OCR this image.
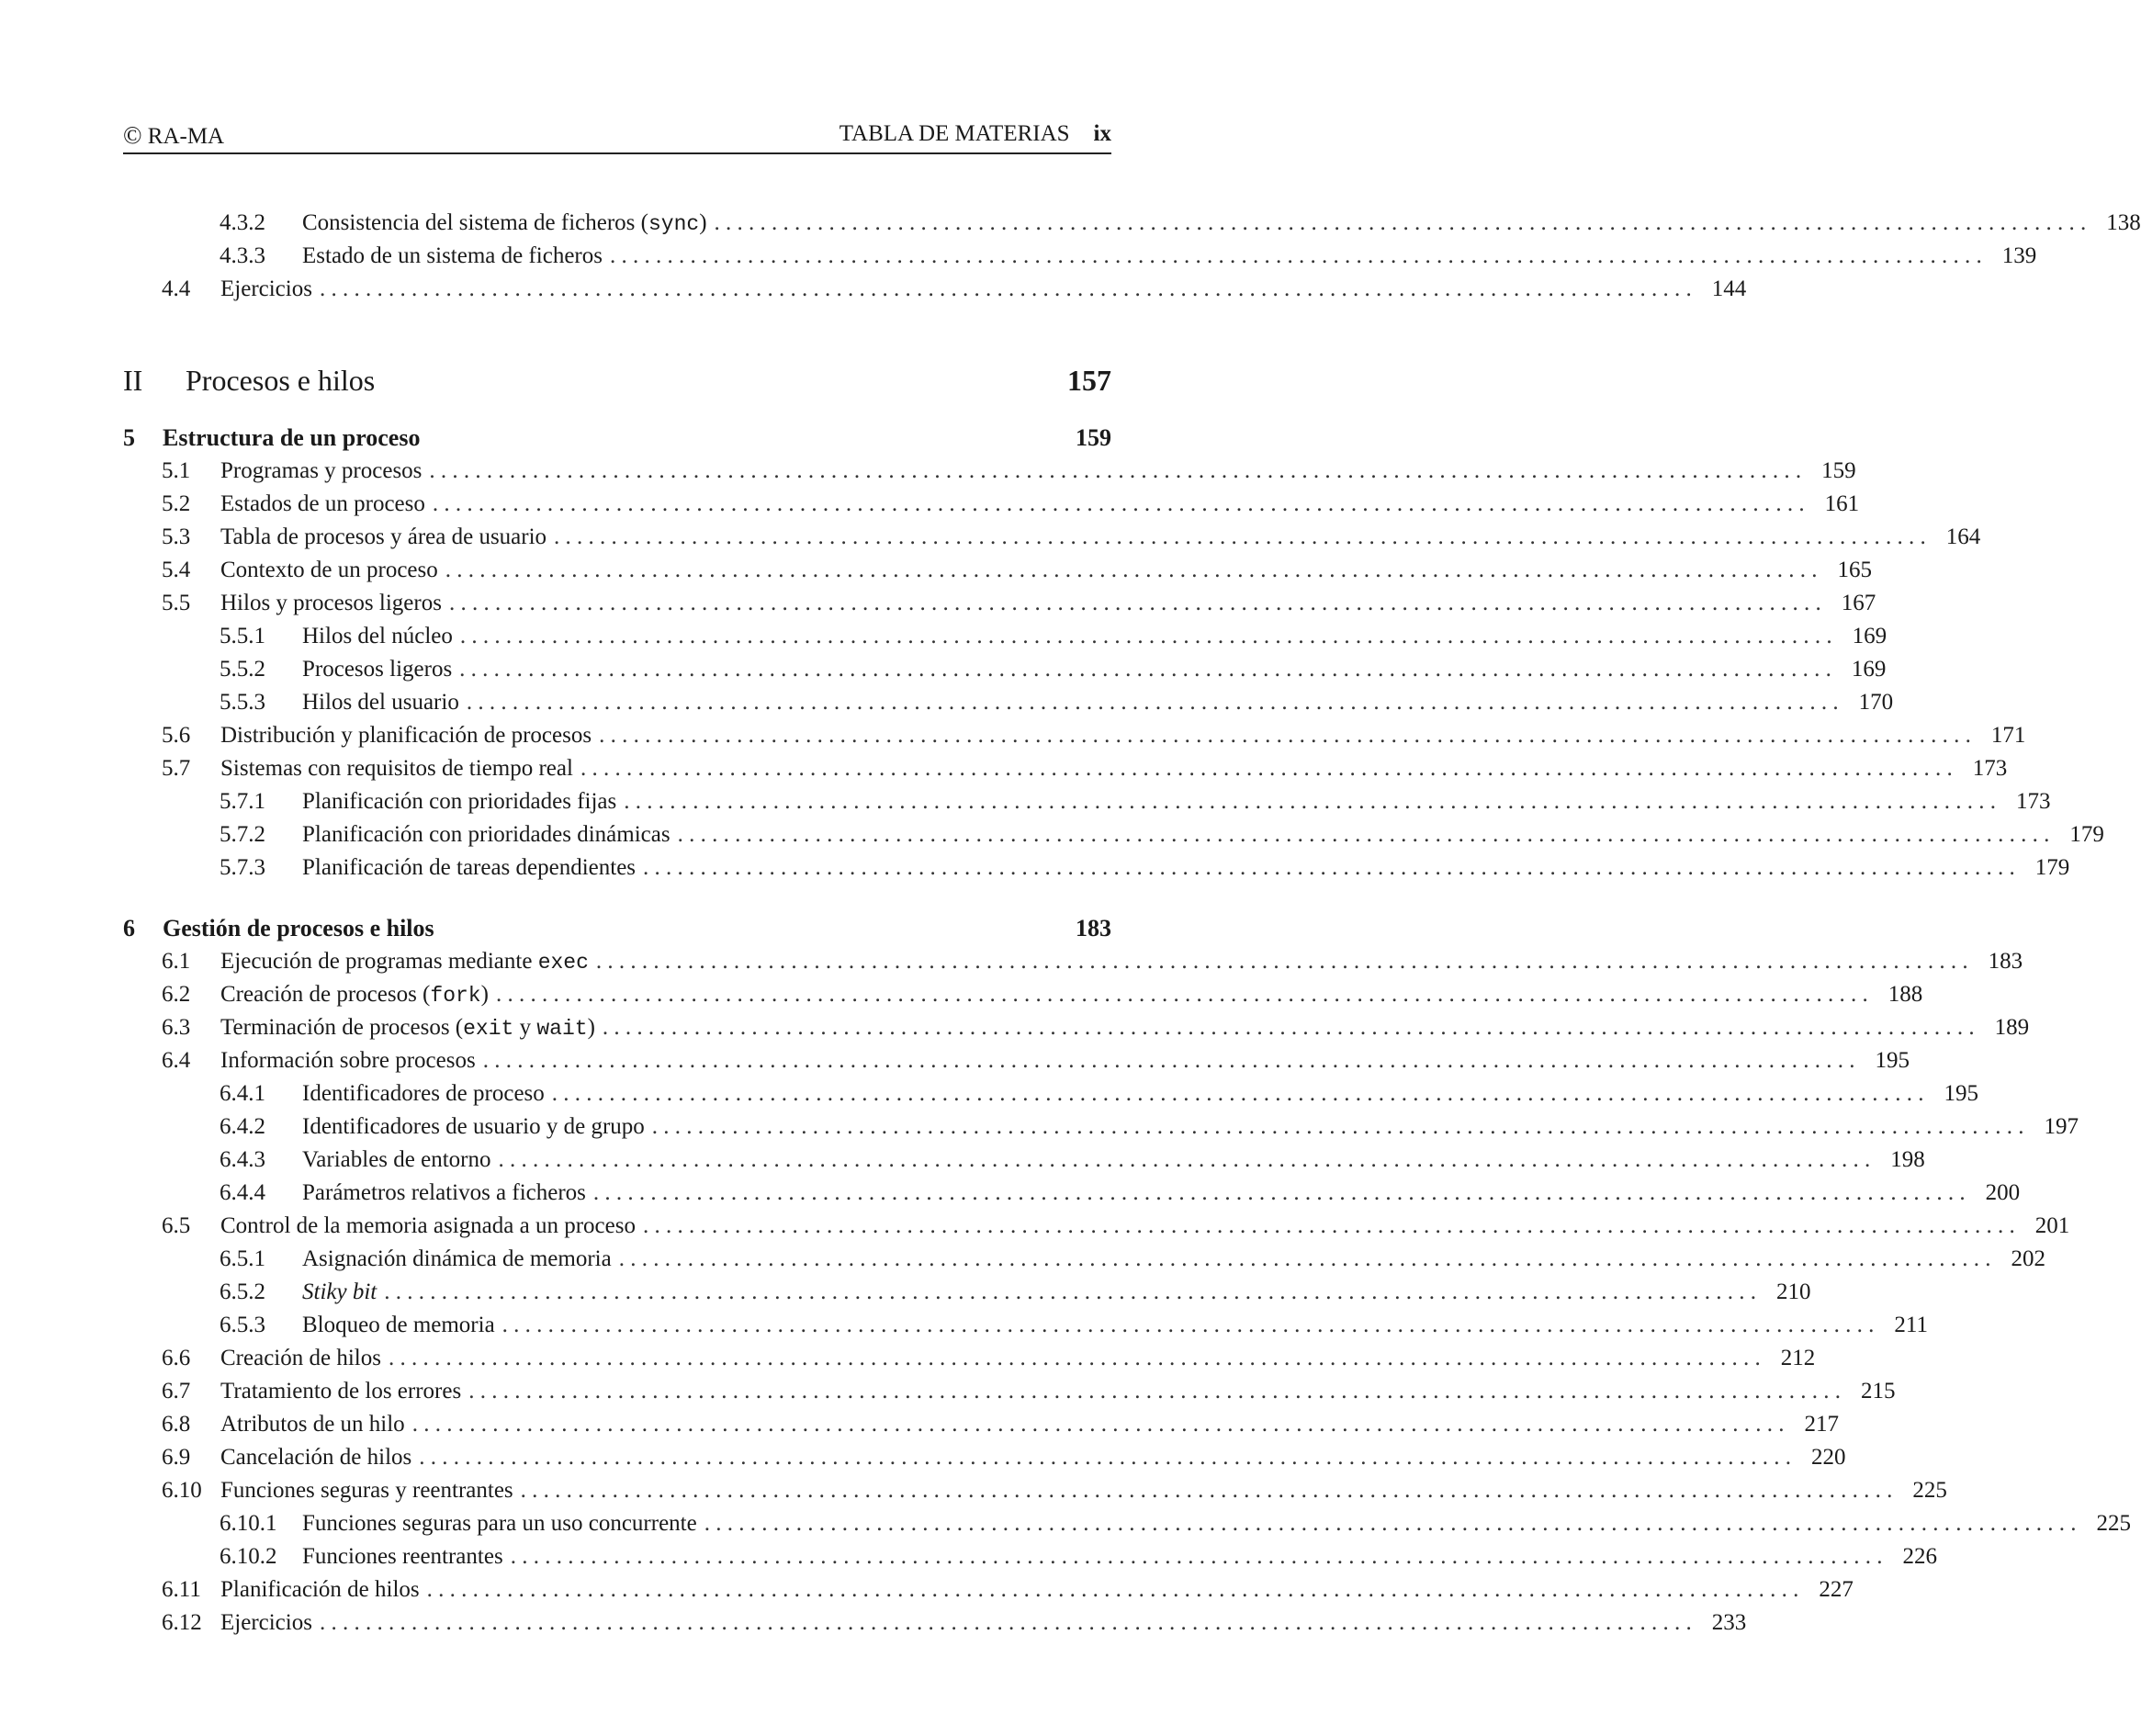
© RA-MA	TABLA DE MATERIAS ix
4.3.2 Consistencia del sistema de ficheros (sync) . . . . . . . . . . . . . . . . . . . . . . . . . . . . . . . . . . . . . . . . . . . . . . . . . . . . . . . . . . . . . . . . . . . . . . . . . . . . . . . . . . . . . . . . . . . . . . . . . . . . . . . . . . . . . . . . . . . . . . . . 138
4.3.3 Estado de un sistema de ficheros . . . . . . . . . . . . . . . . . . . . . . . . . . . . . . . . . . . . . . . . . . . . . . . . . . . . . . . . . . . . . . . . . . . . . . . . . . . . . . . . . . . . . . . . . . . . . . . . . . . . . . . . . . . . . . . . . . . . . . . . 139
4.4 Ejercicios . . . . . . . . . . . . . . . . . . . . . . . . . . . . . . . . . . . . . . . . . . . . . . . . . . . . . . . . . . . . . . . . . . . . . . . . . . . . . . . . . . . . . . . . . . . . . . . . . . . . . . . . . . . . . . . . . . . . . . . . 144
II Procesos e hilos	157
5 Estructura de un proceso	159
5.1 Programas y procesos . . . . . . . . . . . . . . . . . . . . . . . . . . . . . . . . . . . . . . . . . . . . . . . . . . . . . . . . . . . . . . . . . . . . . . . . . . . . . . . . . . . . . . . . . . . . . . . . . . . . . . . . . . . . . . . . . . . . . . . . 159
5.2 Estados de un proceso . . . . . . . . . . . . . . . . . . . . . . . . . . . . . . . . . . . . . . . . . . . . . . . . . . . . . . . . . . . . . . . . . . . . . . . . . . . . . . . . . . . . . . . . . . . . . . . . . . . . . . . . . . . . . . . . . . . . . . . . 161
5.3 Tabla de procesos y área de usuario . . . . . . . . . . . . . . . . . . . . . . . . . . . . . . . . . . . . . . . . . . . . . . . . . . . . . . . . . . . . . . . . . . . . . . . . . . . . . . . . . . . . . . . . . . . . . . . . . . . . . . . . . . . . . . . . . . . . . . . . 164
5.4 Contexto de un proceso . . . . . . . . . . . . . . . . . . . . . . . . . . . . . . . . . . . . . . . . . . . . . . . . . . . . . . . . . . . . . . . . . . . . . . . . . . . . . . . . . . . . . . . . . . . . . . . . . . . . . . . . . . . . . . . . . . . . . . . . 165
5.5 Hilos y procesos ligeros . . . . . . . . . . . . . . . . . . . . . . . . . . . . . . . . . . . . . . . . . . . . . . . . . . . . . . . . . . . . . . . . . . . . . . . . . . . . . . . . . . . . . . . . . . . . . . . . . . . . . . . . . . . . . . . . . . . . . . . . 167
5.5.1 Hilos del núcleo . . . . . . . . . . . . . . . . . . . . . . . . . . . . . . . . . . . . . . . . . . . . . . . . . . . . . . . . . . . . . . . . . . . . . . . . . . . . . . . . . . . . . . . . . . . . . . . . . . . . . . . . . . . . . . . . . . . . . . . . 169
5.5.2 Procesos ligeros . . . . . . . . . . . . . . . . . . . . . . . . . . . . . . . . . . . . . . . . . . . . . . . . . . . . . . . . . . . . . . . . . . . . . . . . . . . . . . . . . . . . . . . . . . . . . . . . . . . . . . . . . . . . . . . . . . . . . . . . 169
5.5.3 Hilos del usuario . . . . . . . . . . . . . . . . . . . . . . . . . . . . . . . . . . . . . . . . . . . . . . . . . . . . . . . . . . . . . . . . . . . . . . . . . . . . . . . . . . . . . . . . . . . . . . . . . . . . . . . . . . . . . . . . . . . . . . . . 170
5.6 Distribución y planificación de procesos . . . . . . . . . . . . . . . . . . . . . . . . . . . . . . . . . . . . . . . . . . . . . . . . . . . . . . . . . . . . . . . . . . . . . . . . . . . . . . . . . . . . . . . . . . . . . . . . . . . . . . . . . . . . . . . . . . . . . . . . 171
5.7 Sistemas con requisitos de tiempo real . . . . . . . . . . . . . . . . . . . . . . . . . . . . . . . . . . . . . . . . . . . . . . . . . . . . . . . . . . . . . . . . . . . . . . . . . . . . . . . . . . . . . . . . . . . . . . . . . . . . . . . . . . . . . . . . . . . . . . . . 173
5.7.1 Planificación con prioridades fijas . . . . . . . . . . . . . . . . . . . . . . . . . . . . . . . . . . . . . . . . . . . . . . . . . . . . . . . . . . . . . . . . . . . . . . . . . . . . . . . . . . . . . . . . . . . . . . . . . . . . . . . . . . . . . . . . . . . . . . . . 173
5.7.2 Planificación con prioridades dinámicas . . . . . . . . . . . . . . . . . . . . . . . . . . . . . . . . . . . . . . . . . . . . . . . . . . . . . . . . . . . . . . . . . . . . . . . . . . . . . . . . . . . . . . . . . . . . . . . . . . . . . . . . . . . . . . . . . . . . . . . . 179
5.7.3 Planificación de tareas dependientes . . . . . . . . . . . . . . . . . . . . . . . . . . . . . . . . . . . . . . . . . . . . . . . . . . . . . . . . . . . . . . . . . . . . . . . . . . . . . . . . . . . . . . . . . . . . . . . . . . . . . . . . . . . . . . . . . . . . . . . . 179
6 Gestión de procesos e hilos	183
6.1 Ejecución de programas mediante exec . . . . . . . . . . . . . . . . . . . . . . . . . . . . . . . . . . . . . . . . . . . . . . . . . . . . . . . . . . . . . . . . . . . . . . . . . . . . . . . . . . . . . . . . . . . . . . . . . . . . . . . . . . . . . . . . . . . . . . . . 183
6.2 Creación de procesos (fork) . . . . . . . . . . . . . . . . . . . . . . . . . . . . . . . . . . . . . . . . . . . . . . . . . . . . . . . . . . . . . . . . . . . . . . . . . . . . . . . . . . . . . . . . . . . . . . . . . . . . . . . . . . . . . . . . . . . . . . . . 188
6.3 Terminación de procesos (exit y wait) . . . . . . . . . . . . . . . . . . . . . . . . . . . . . . . . . . . . . . . . . . . . . . . . . . . . . . . . . . . . . . . . . . . . . . . . . . . . . . . . . . . . . . . . . . . . . . . . . . . . . . . . . . . . . . . . . . . . . . . . 189
6.4 Información sobre procesos . . . . . . . . . . . . . . . . . . . . . . . . . . . . . . . . . . . . . . . . . . . . . . . . . . . . . . . . . . . . . . . . . . . . . . . . . . . . . . . . . . . . . . . . . . . . . . . . . . . . . . . . . . . . . . . . . . . . . . . . 195
6.4.1 Identificadores de proceso . . . . . . . . . . . . . . . . . . . . . . . . . . . . . . . . . . . . . . . . . . . . . . . . . . . . . . . . . . . . . . . . . . . . . . . . . . . . . . . . . . . . . . . . . . . . . . . . . . . . . . . . . . . . . . . . . . . . . . . . 195
6.4.2 Identificadores de usuario y de grupo . . . . . . . . . . . . . . . . . . . . . . . . . . . . . . . . . . . . . . . . . . . . . . . . . . . . . . . . . . . . . . . . . . . . . . . . . . . . . . . . . . . . . . . . . . . . . . . . . . . . . . . . . . . . . . . . . . . . . . . . 197
6.4.3 Variables de entorno . . . . . . . . . . . . . . . . . . . . . . . . . . . . . . . . . . . . . . . . . . . . . . . . . . . . . . . . . . . . . . . . . . . . . . . . . . . . . . . . . . . . . . . . . . . . . . . . . . . . . . . . . . . . . . . . . . . . . . . . 198
6.4.4 Parámetros relativos a ficheros . . . . . . . . . . . . . . . . . . . . . . . . . . . . . . . . . . . . . . . . . . . . . . . . . . . . . . . . . . . . . . . . . . . . . . . . . . . . . . . . . . . . . . . . . . . . . . . . . . . . . . . . . . . . . . . . . . . . . . . . 200
6.5 Control de la memoria asignada a un proceso . . . . . . . . . . . . . . . . . . . . . . . . . . . . . . . . . . . . . . . . . . . . . . . . . . . . . . . . . . . . . . . . . . . . . . . . . . . . . . . . . . . . . . . . . . . . . . . . . . . . . . . . . . . . . . . . . . . . . . . . 201
6.5.1 Asignación dinámica de memoria . . . . . . . . . . . . . . . . . . . . . . . . . . . . . . . . . . . . . . . . . . . . . . . . . . . . . . . . . . . . . . . . . . . . . . . . . . . . . . . . . . . . . . . . . . . . . . . . . . . . . . . . . . . . . . . . . . . . . . . . 202
6.5.2 Stiky bit . . . . . . . . . . . . . . . . . . . . . . . . . . . . . . . . . . . . . . . . . . . . . . . . . . . . . . . . . . . . . . . . . . . . . . . . . . . . . . . . . . . . . . . . . . . . . . . . . . . . . . . . . . . . . . . . . . . . . . . . 210
6.5.3 Bloqueo de memoria . . . . . . . . . . . . . . . . . . . . . . . . . . . . . . . . . . . . . . . . . . . . . . . . . . . . . . . . . . . . . . . . . . . . . . . . . . . . . . . . . . . . . . . . . . . . . . . . . . . . . . . . . . . . . . . . . . . . . . . . 211
6.6 Creación de hilos . . . . . . . . . . . . . . . . . . . . . . . . . . . . . . . . . . . . . . . . . . . . . . . . . . . . . . . . . . . . . . . . . . . . . . . . . . . . . . . . . . . . . . . . . . . . . . . . . . . . . . . . . . . . . . . . . . . . . . . . 212
6.7 Tratamiento de los errores . . . . . . . . . . . . . . . . . . . . . . . . . . . . . . . . . . . . . . . . . . . . . . . . . . . . . . . . . . . . . . . . . . . . . . . . . . . . . . . . . . . . . . . . . . . . . . . . . . . . . . . . . . . . . . . . . . . . . . . . 215
6.8 Atributos de un hilo . . . . . . . . . . . . . . . . . . . . . . . . . . . . . . . . . . . . . . . . . . . . . . . . . . . . . . . . . . . . . . . . . . . . . . . . . . . . . . . . . . . . . . . . . . . . . . . . . . . . . . . . . . . . . . . . . . . . . . . . 217
6.9 Cancelación de hilos . . . . . . . . . . . . . . . . . . . . . . . . . . . . . . . . . . . . . . . . . . . . . . . . . . . . . . . . . . . . . . . . . . . . . . . . . . . . . . . . . . . . . . . . . . . . . . . . . . . . . . . . . . . . . . . . . . . . . . . . 220
6.10 Funciones seguras y reentrantes . . . . . . . . . . . . . . . . . . . . . . . . . . . . . . . . . . . . . . . . . . . . . . . . . . . . . . . . . . . . . . . . . . . . . . . . . . . . . . . . . . . . . . . . . . . . . . . . . . . . . . . . . . . . . . . . . . . . . . . . 225
6.10.1 Funciones seguras para un uso concurrente . . . . . . . . . . . . . . . . . . . . . . . . . . . . . . . . . . . . . . . . . . . . . . . . . . . . . . . . . . . . . . . . . . . . . . . . . . . . . . . . . . . . . . . . . . . . . . . . . . . . . . . . . . . . . . . . . . . . . . . . 225
6.10.2 Funciones reentrantes . . . . . . . . . . . . . . . . . . . . . . . . . . . . . . . . . . . . . . . . . . . . . . . . . . . . . . . . . . . . . . . . . . . . . . . . . . . . . . . . . . . . . . . . . . . . . . . . . . . . . . . . . . . . . . . . . . . . . . . . 226
6.11 Planificación de hilos . . . . . . . . . . . . . . . . . . . . . . . . . . . . . . . . . . . . . . . . . . . . . . . . . . . . . . . . . . . . . . . . . . . . . . . . . . . . . . . . . . . . . . . . . . . . . . . . . . . . . . . . . . . . . . . . . . . . . . . . 227
6.12 Ejercicios . . . . . . . . . . . . . . . . . . . . . . . . . . . . . . . . . . . . . . . . . . . . . . . . . . . . . . . . . . . . . . . . . . . . . . . . . . . . . . . . . . . . . . . . . . . . . . . . . . . . . . . . . . . . . . . . . . . . . . . . 233
